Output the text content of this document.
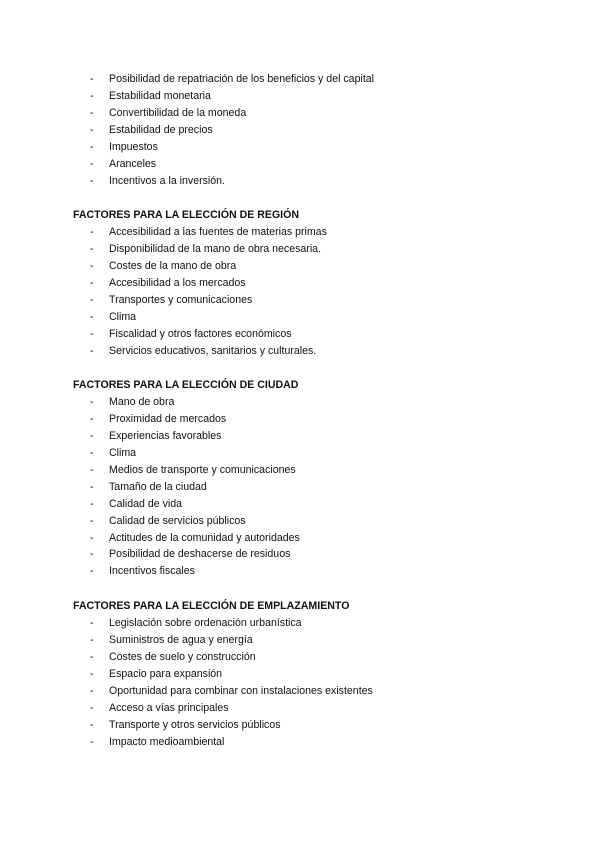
- Posibilidad de repatriación de los beneficios y del capital
- Estabilidad monetaria
- Convertibilidad de la moneda
- Estabilidad de precios
- Impuestos
- Aranceles
- Incentivos a la inversión.
FACTORES PARA LA ELECCIÓN DE REGIÓN
- Accesibilidad a las fuentes de materias primas
- Disponibilidad de la mano de obra necesaria.
- Costes de la mano de obra
- Accesibilidad a los mercados
- Transportes y comunicaciones
- Clima
- Fiscalidad y otros factores económicos
- Servicios educativos, sanitarios y culturales.
FACTORES PARA LA ELECCIÓN DE CIUDAD
- Mano de obra
- Proximidad de mercados
- Experiencias favorables
- Clima
- Medios de transporte y comunicaciones
- Tamaño de la ciudad
- Calidad de vida
- Calidad de servicios públicos
- Actitudes de la comunidad y autoridades
- Posibilidad de deshacerse de residuos
- Incentivos fiscales
FACTORES PARA LA ELECCIÓN DE EMPLAZAMIENTO
- Legislación sobre ordenación urbanística
- Suministros de agua y energía
- Costes de suelo y construcción
- Espacio para expansión
- Oportunidad para combinar con instalaciones existentes
- Acceso a vías principales
- Transporte y otros servicios públicos
- Impacto medioambiental
